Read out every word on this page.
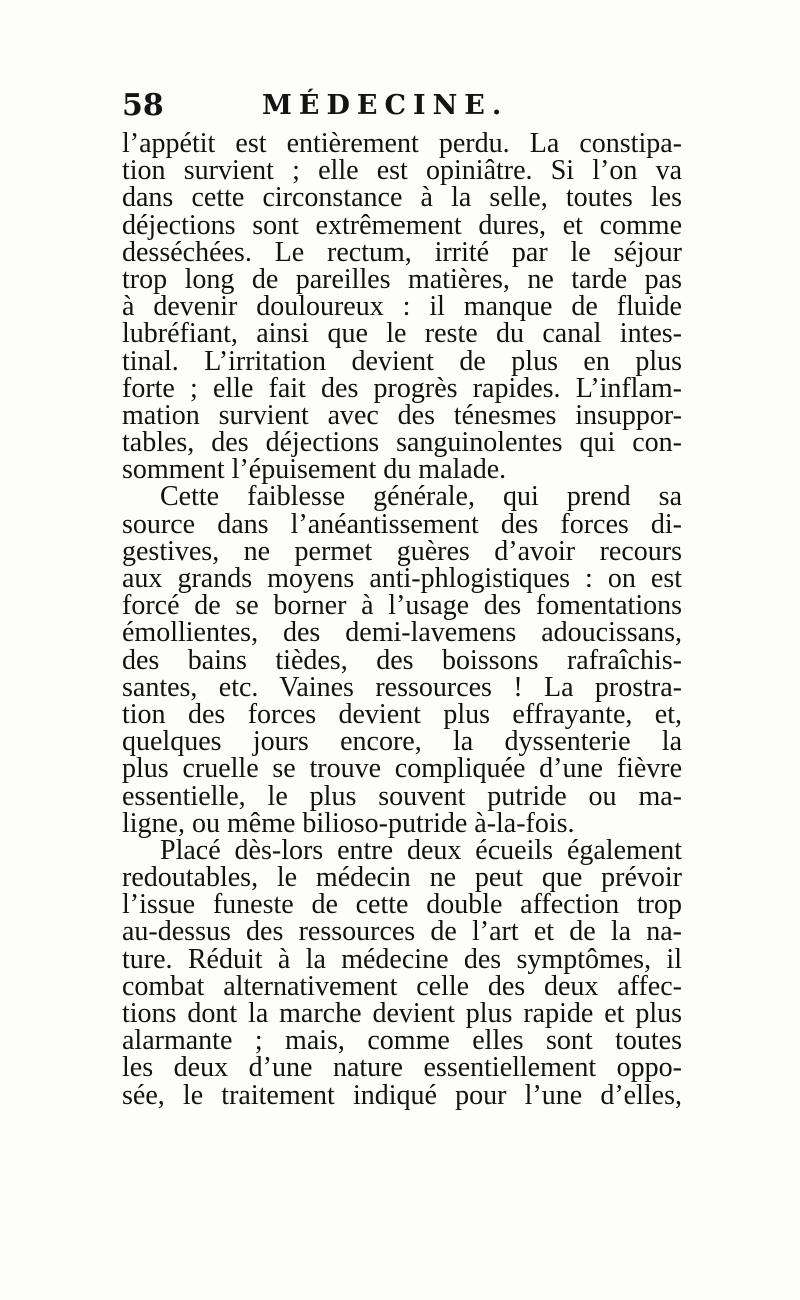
58	MÉDECINE.
l’appétit est entièrement perdu. La constipa-
tion survient ; elle est opiniâtre. Si l’on va
dans cette circonstance à la selle, toutes les
déjections sont extrêmement dures, et comme
desséchées. Le rectum, irrité par le séjour
trop long de pareilles matières, ne tarde pas
à devenir douloureux : il manque de fluide
lubréfiant, ainsi que le reste du canal intes-
tinal. L’irritation devient de plus en plus
forte ; elle fait des progrès rapides. L’inflam-
mation survient avec des ténesmes insuppor-
tables, des déjections sanguinolentes qui con-
somment l’épuisement du malade.
Cette faiblesse générale, qui prend sa
source dans l’anéantissement des forces di-
gestives, ne permet guères d’avoir recours
aux grands moyens anti-phlogistiques : on est
forcé de se borner à l’usage des fomentations
émollientes, des demi-lavemens adoucissans,
des bains tièdes, des boissons rafraîchis-
santes, etc. Vaines ressources ! La prostra-
tion des forces devient plus effrayante, et,
quelques jours encore, la dyssenterie la
plus cruelle se trouve compliquée d’une fièvre
essentielle, le plus souvent putride ou ma-
ligne, ou même bilioso-putride à-la-fois.
Placé dès-lors entre deux écueils également
redoutables, le médecin ne peut que prévoir
l’issue funeste de cette double affection trop
au-dessus des ressources de l’art et de la na-
ture. Réduit à la médecine des symptômes, il
combat alternativement celle des deux affec-
tions dont la marche devient plus rapide et plus
alarmante ; mais, comme elles sont toutes
les deux d’une nature essentiellement oppo-
sée, le traitement indiqué pour l’une d’elles,
